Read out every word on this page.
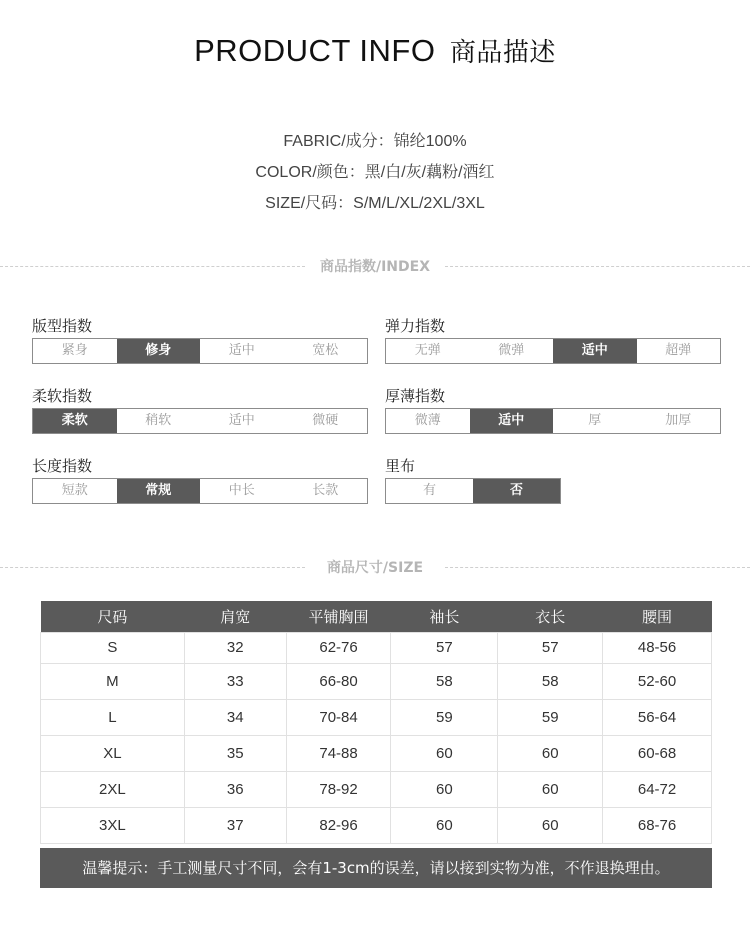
PRODUCT INFO 商品描述
FABRIC/成分：锦纶100%
COLOR/颜色：黑/白/灰/藕粉/酒红
SIZE/尺码：S/M/L/XL/2XL/3XL
商品指数/INDEX
版型指数
紧身	修身	适中	宽松
弹力指数
无弹	微弹	适中	超弹
柔软指数
柔软	稍软	适中	微硬
厚薄指数
微薄	适中	厚	加厚
长度指数
短款	常规	中长	长款
里布
有	否
商品尺寸/SIZE
尺码	肩宽	平铺胸围	袖长	衣长	腰围
S	32	62-76	57	57	48-56
M	33	66-80	58	58	52-60
L	34	70-84	59	59	56-64
XL	35	74-88	60	60	60-68
2XL	36	78-92	60	60	64-72
3XL	37	82-96	60	60	68-76
温馨提示：手工测量尺寸不同，会有1-3cm的误差，请以接到实物为准，不作退换理由。
